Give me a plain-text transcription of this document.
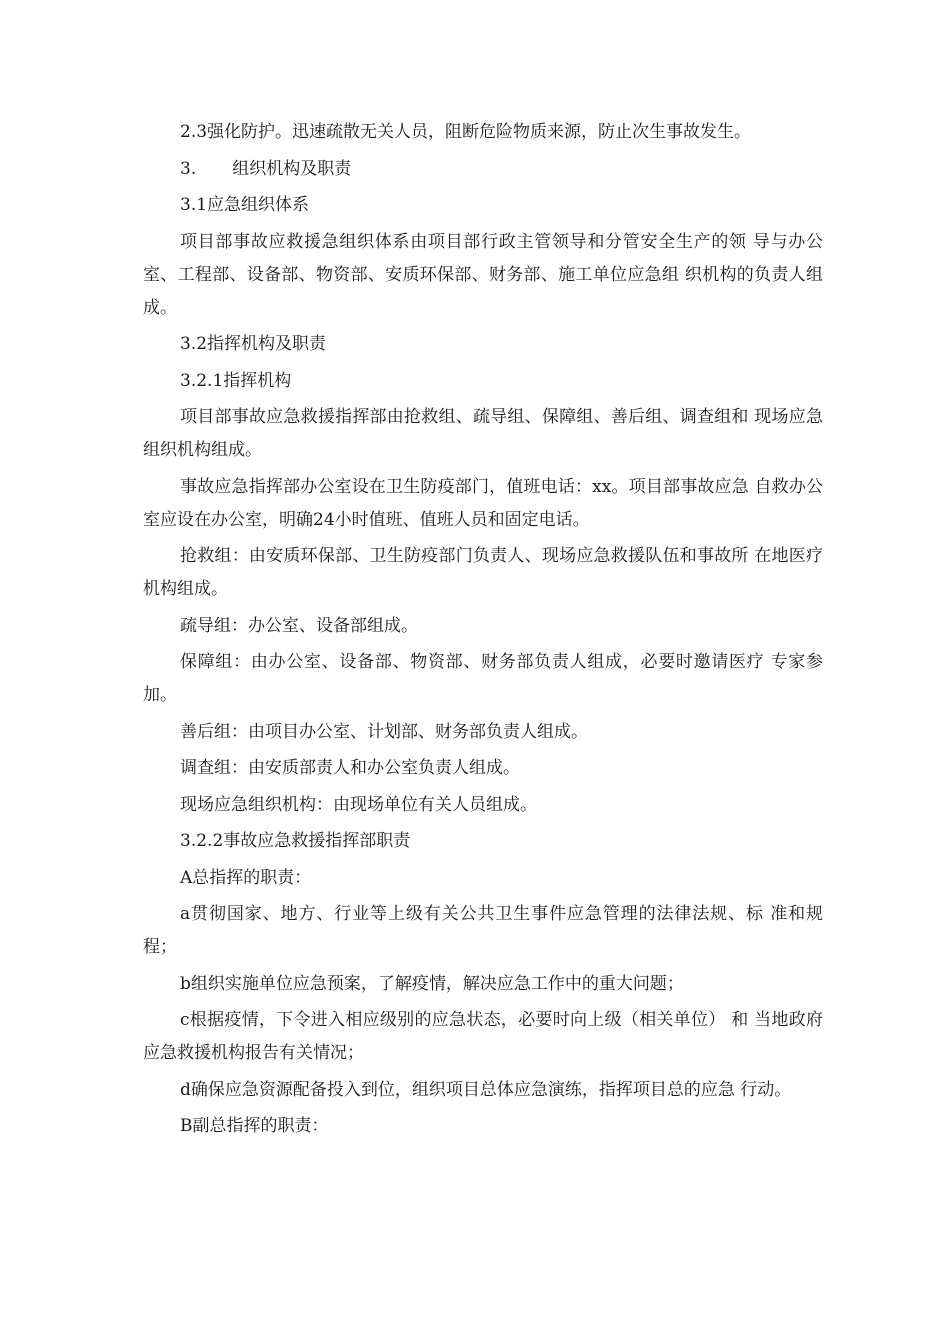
2.3强化防护。迅速疏散无关人员，阻断危险物质来源，防止次生事故发生。

3. 组织机构及职责

3.1应急组织体系

项目部事故应救援急组织体系由项目部行政主管领导和分管安全生产的领 导与办公室、工程部、设备部、物资部、安质环保部、财务部、施工单位应急组 织机构的负责人组成。

3.2指挥机构及职责

3.2.1指挥机构

项目部事故应急救援指挥部由抢救组、疏导组、保障组、善后组、调查组和 现场应急组织机构组成。

事故应急指挥部办公室设在卫生防疫部门，值班电话：xx。项目部事故应急 自救办公室应设在办公室，明确24小时值班、值班人员和固定电话。

抢救组：由安质环保部、卫生防疫部门负责人、现场应急救援队伍和事故所 在地医疗机构组成。

疏导组：办公室、设备部组成。

保障组：由办公室、设备部、物资部、财务部负责人组成，必要时邀请医疗 专家参加。

善后组：由项目办公室、计划部、财务部负责人组成。

调查组：由安质部责人和办公室负责人组成。

现场应急组织机构：由现场单位有关人员组成。

3.2.2事故应急救援指挥部职责

A总指挥的职责：

a贯彻国家、地方、行业等上级有关公共卫生事件应急管理的法律法规、标 准和规程；

b组织实施单位应急预案，了解疫情，解决应急工作中的重大问题；

c根据疫情，下令进入相应级别的应急状态，必要时向上级（相关单位） 和 当地政府应急救援机构报告有关情况；

d确保应急资源配备投入到位，组织项目总体应急演练，指挥项目总的应急 行动。

B副总指挥的职责：
